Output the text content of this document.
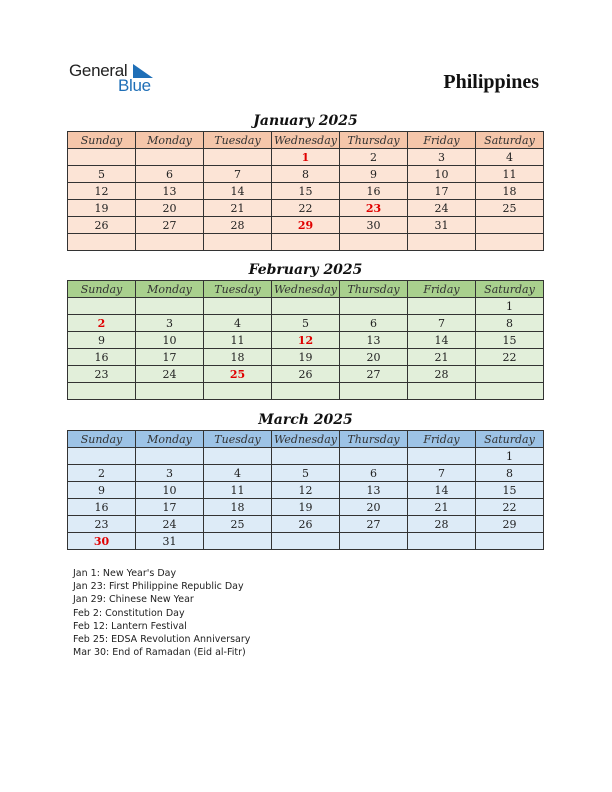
General
Blue	Philippines
January 2025
Sunday	Monday	Tuesday	Wednesday	Thursday	Friday	Saturday
			1	2	3	4
5	6	7	8	9	10	11
12	13	14	15	16	17	18
19	20	21	22	23	24	25
26	27	28	29	30	31	

February 2025
Sunday	Monday	Tuesday	Wednesday	Thursday	Friday	Saturday
						1
2	3	4	5	6	7	8
9	10	11	12	13	14	15
16	17	18	19	20	21	22
23	24	25	26	27	28	

March 2025
Sunday	Monday	Tuesday	Wednesday	Thursday	Friday	Saturday
						1
2	3	4	5	6	7	8
9	10	11	12	13	14	15
16	17	18	19	20	21	22
23	24	25	26	27	28	29
30	31					
Jan 1: New Year's Day
Jan 23: First Philippine Republic Day
Jan 29: Chinese New Year
Feb 2: Constitution Day
Feb 12: Lantern Festival
Feb 25: EDSA Revolution Anniversary
Mar 30: End of Ramadan (Eid al-Fitr)
